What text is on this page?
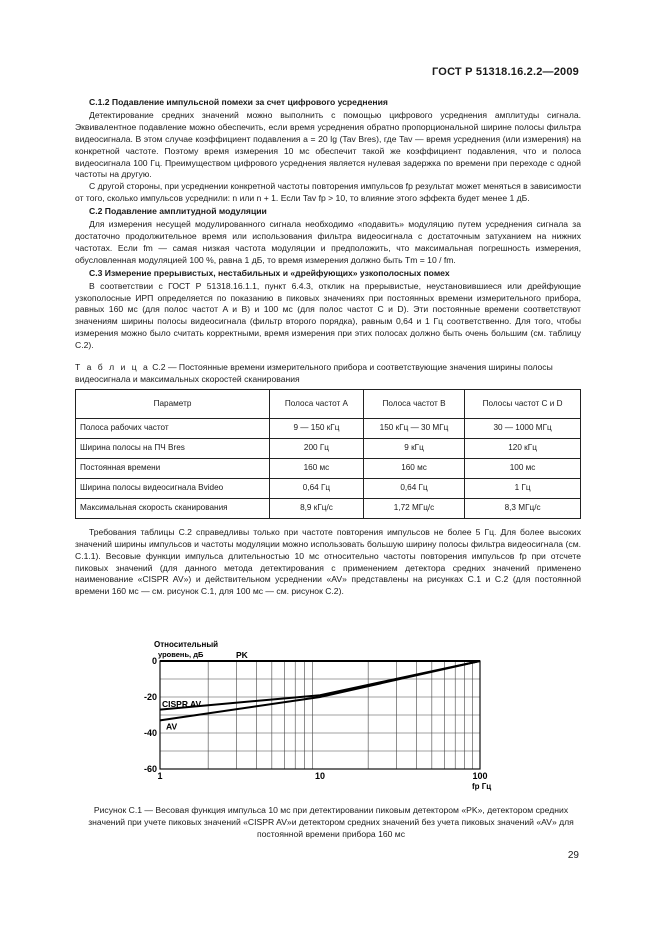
ГОСТ Р 51318.16.2.2—2009
С.1.2 Подавление импульсной помехи за счет цифрового усреднения

Детектирование средних значений можно выполнить с помощью цифрового усреднения амплитуды сигнала. Эквивалентное подавление можно обеспечить, если время усреднения обратно пропорциональной ширине полосы фильтра видеосигнала. В этом случае коэффициент подавления a = 20 lg (Tav Bres), где Tav — время усреднения (или измерения) на конкретной частоте. Поэтому время измерения 10 мс обеспечит такой же коэффициент подавления, что и полоса видеосигнала 100 Гц. Преимуществом цифрового усреднения является нулевая задержка по времени при переходе с одной частоты на другую.

С другой стороны, при усреднении конкретной частоты повторения импульсов fp результат может меняться в зависимости от того, сколько импульсов усреднили: n или n + 1. Если Tav fp > 10, то влияние этого эффекта будет менее 1 дБ.

С.2 Подавление амплитудной модуляции

Для измерения несущей модулированного сигнала необходимо «подавить» модуляцию путем усреднения сигнала за достаточно продолжительное время или использования фильтра видеосигнала с достаточным затуханием на нижних частотах. Если fm — самая низкая частота модуляции и предположить, что максимальная погрешность измерения, обусловленная модуляцией 100 %, равна 1 дБ, то время измерения должно быть Tm = 10 / fm.

С.3 Измерение прерывистых, нестабильных и «дрейфующих» узкополосных помех

В соответствии с ГОСТ Р 51318.16.1.1, пункт 6.4.3, отклик на прерывистые, неустановившиеся или дрейфующие узкополосные ИРП определяется по показанию в пиковых значениях при постоянных времени измерительного прибора, равных 160 мс (для полос частот A и B) и 100 мс (для полос частот C и D). Эти постоянные времени соответствуют значениям ширины полосы видеосигнала (фильтр второго порядка), равным 0,64 и 1 Гц соответственно. Для того, чтобы измерения можно было считать корректными, время измерения при этих полосах должно быть очень большим (см. таблицу С.2).

Т а б л и ц а С.2 — Постоянные времени измерительного прибора и соответствующие значения ширины полосы видеосигнала и максимальных скоростей сканирования

Параметр	Полоса частот A	Полоса частот B	Полосы частот C и D
Полоса рабочих частот	9 — 150 кГц	150 кГц — 30 МГц	30 — 1000 МГц
Ширина полосы на ПЧ Bres	200 Гц	9 кГц	120 кГц
Постоянная времени	160 мс	160 мс	100 мс
Ширина полосы видеосигнала Bvideo	0,64 Гц	0,64 Гц	1 Гц
Максимальная скорость сканирования	8,9 кГц/с	1,72 МГц/с	8,3 МГц/с

Требования таблицы С.2 справедливы только при частоте повторения импульсов не более 5 Гц. Для более высоких значений ширины импульсов и частоты модуляции можно использовать большую ширину полосы фильтра видеосигнала (см. С.1.1). Весовые функции импульса длительностью 10 мс относительно частоты повторения импульсов fp при отсчете пиковых значений (для данного метода детектирования с применением детектора средних значений применено наименование «CISPR AV») и действительном усреднении «AV» представлены на рисунках С.1 и С.2 (для постоянной времени 160 мс — см. рисунок С.1, для 100 мс — см. рисунок С.2).

1	10	100
0
-20
-40
-60
Относительный
уровень, дБ
fp Гц
PK
CISPR AV
AV
Рисунок С.1 — Весовая функция импульса 10 мс при детектировании пиковым детектором «PK», детектором средних значений при учете пиковых значений «CISPR AV»и детектором средних значений без учета пиковых значений «AV» для постоянной времени прибора 160 мс
29
